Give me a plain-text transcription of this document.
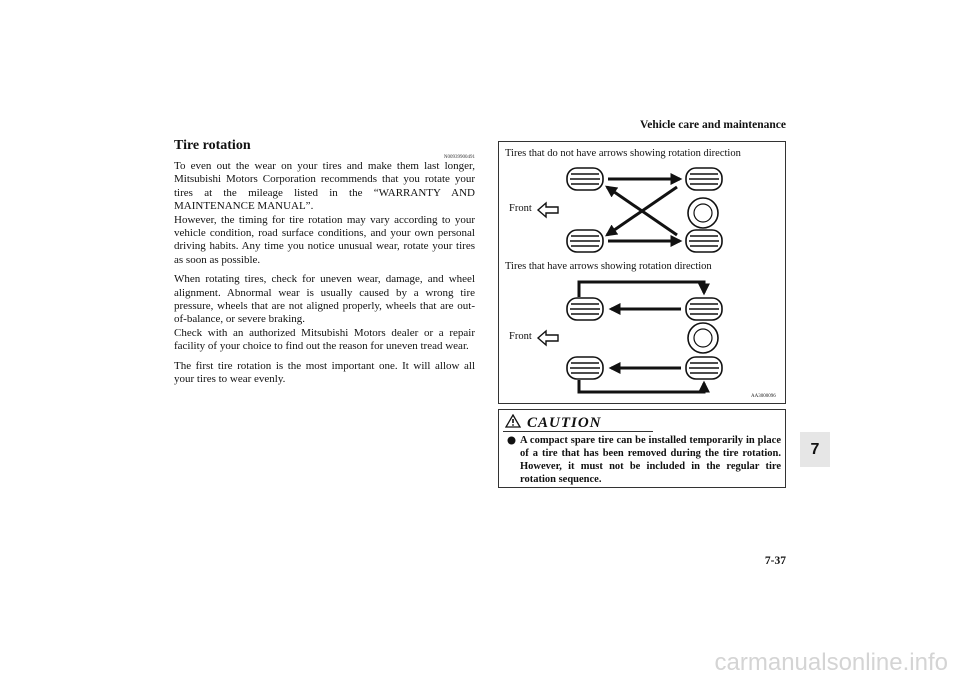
Vehicle care and maintenance
Tire rotation
N00939900491

To even out the wear on your tires and make them last longer, Mitsubishi Motors Corporation recommends that you rotate your tires at the mileage listed in the “WARRANTY AND MAINTENANCE MANUAL”.

However, the timing for tire rotation may vary according to your vehicle condition, road surface conditions, and your own personal driving habits. Any time you notice unusual wear, rotate your tires as soon as possible.

When rotating tires, check for uneven wear, damage, and wheel alignment. Abnormal wear is usually caused by a wrong tire pressure, wheels that are not aligned properly, wheels that are out-of-balance, or severe braking.

Check with an authorized Mitsubishi Motors dealer or a repair facility of your choice to find out the reason for uneven tread wear.

The first tire rotation is the most important one. It will allow all your tires to wear evenly.

Tires that do not have arrows showing rotation direction
Front
Tires that have arrows showing rotation direction
Front
AA3000096
CAUTION
A compact spare tire can be installed temporarily in place of a tire that has been removed during the tire rotation. However, it must not be included in the regular tire rotation sequence.
7
7-37
carmanualsonline.info
